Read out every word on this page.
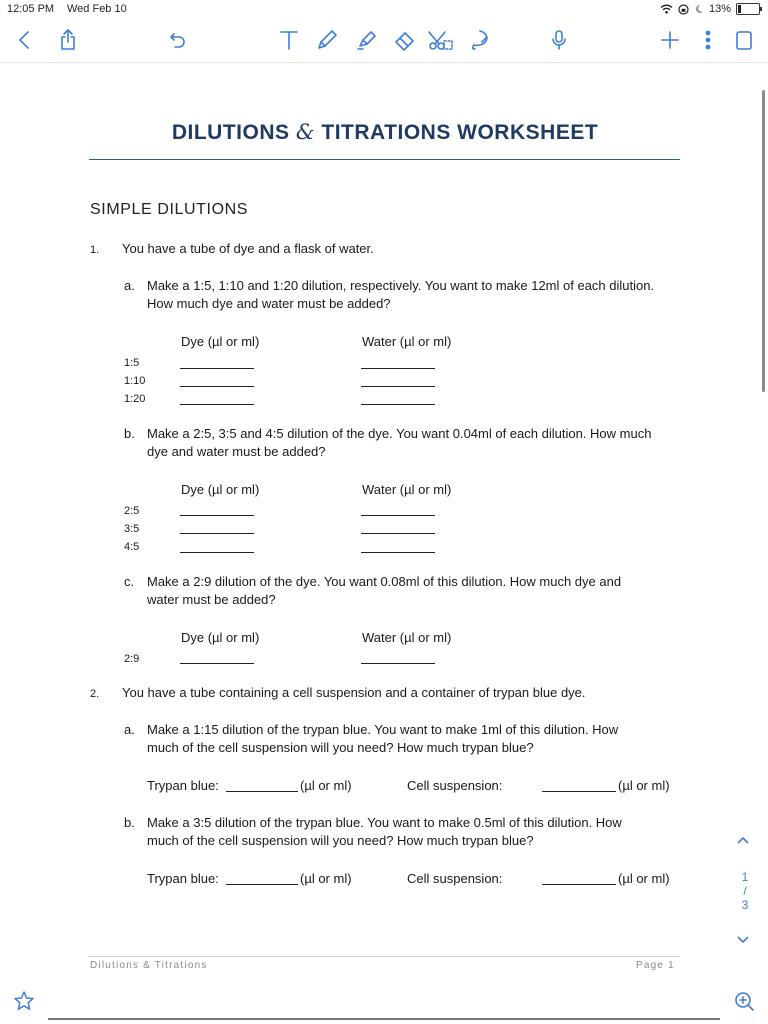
12:05 PM Wed Feb 10	13%
DILUTIONS & TITRATIONS WORKSHEET
SIMPLE DILUTIONS
1. You have a tube of dye and a flask of water.
a. Make a 1:5, 1:10 and 1:20 dilution, respectively. You want to make 12ml of each dilution.
How much dye and water must be added?
Dye (µl or ml)	Water (µl or ml)
1:5
1:10
1:20
b. Make a 2:5, 3:5 and 4:5 dilution of the dye. You want 0.04ml of each dilution. How much
dye and water must be added?
Dye (µl or ml)	Water (µl or ml)
2:5
3:5
4:5
c. Make a 2:9 dilution of the dye. You want 0.08ml of this dilution. How much dye and
water must be added?
Dye (µl or ml)	Water (µl or ml)
2:9
2. You have a tube containing a cell suspension and a container of trypan blue dye.
a. Make a 1:15 dilution of the trypan blue. You want to make 1ml of this dilution. How
much of the cell suspension will you need? How much trypan blue?
Trypan blue:	(µl or ml)	Cell suspension:	(µl or ml)
b. Make a 3:5 dilution of the trypan blue. You want to make 0.5ml of this dilution. How
much of the cell suspension will you need? How much trypan blue?
Trypan blue:	(µl or ml)	Cell suspension:	(µl or ml)
Dilutions & Titrations	Page 1
1
/
3
